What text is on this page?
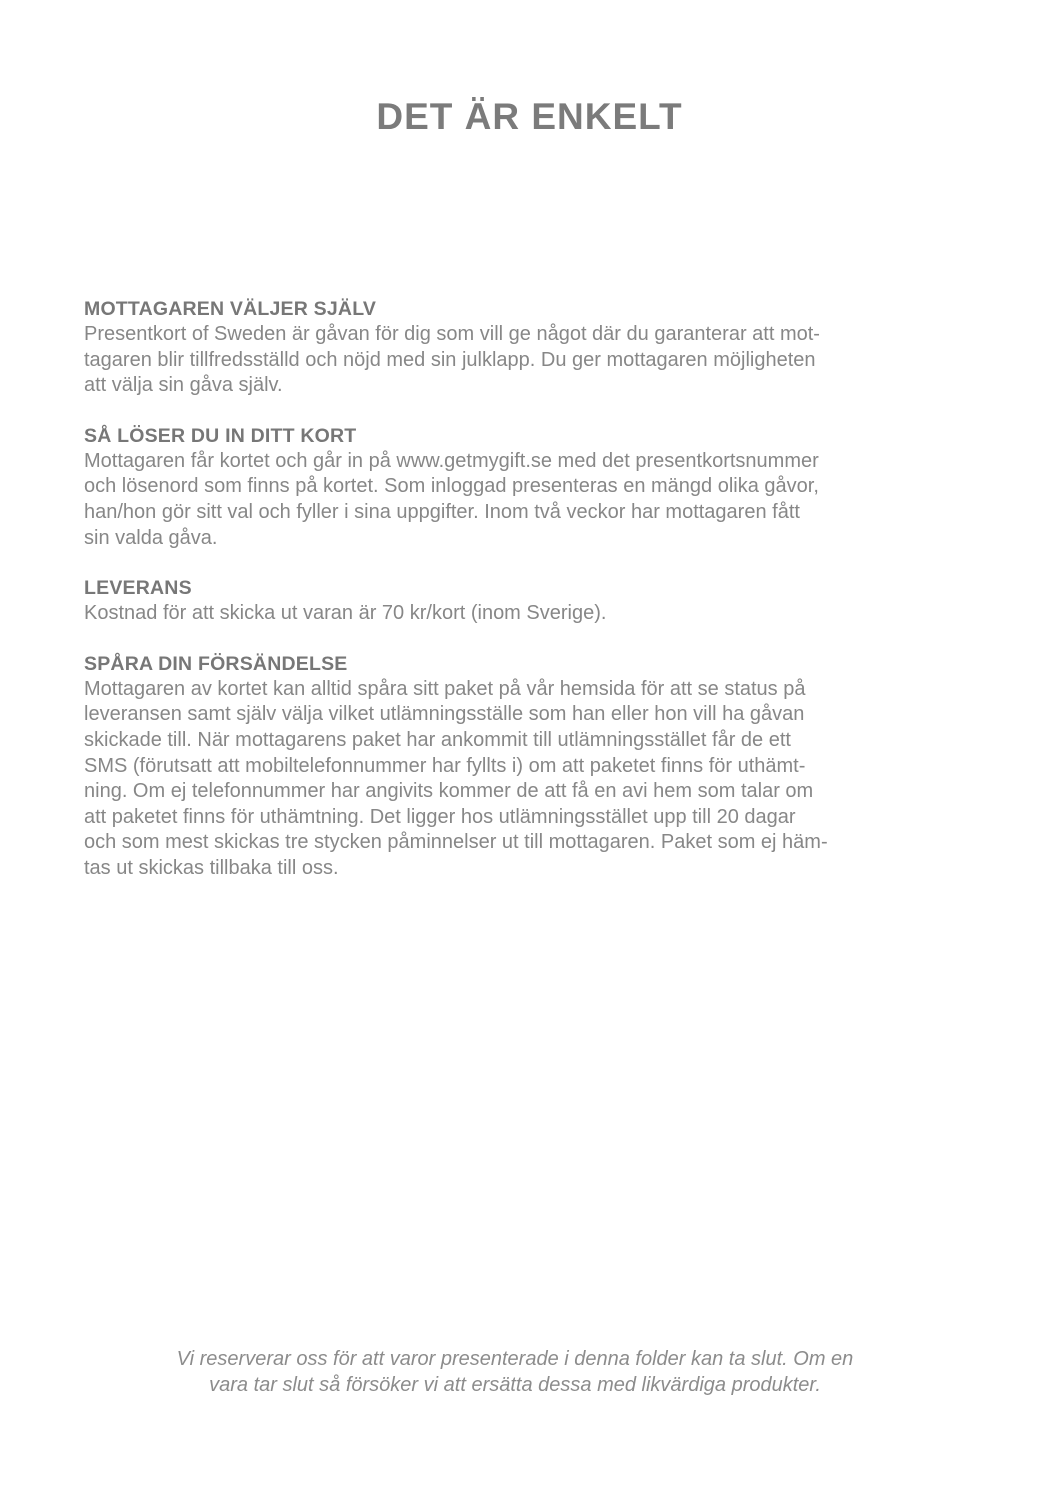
DET ÄR ENKELT
MOTTAGAREN VÄLJER SJÄLV

Presentkort of Sweden är gåvan för dig som vill ge något där du garanterar att mot-
tagaren blir tillfredsställd och nöjd med sin julklapp. Du ger mottagaren möjligheten
att välja sin gåva själv.

SÅ LÖSER DU IN DITT KORT

Mottagaren får kortet och går in på www.getmygift.se med det presentkortsnummer
och lösenord som finns på kortet. Som inloggad presenteras en mängd olika gåvor,
han/hon gör sitt val och fyller i sina uppgifter. Inom två veckor har mottagaren fått
sin valda gåva.

LEVERANS

Kostnad för att skicka ut varan är 70 kr/kort (inom Sverige).

SPÅRA DIN FÖRSÄNDELSE

Mottagaren av kortet kan alltid spåra sitt paket på vår hemsida för att se status på
leveransen samt själv välja vilket utlämningsställe som han eller hon vill ha gåvan
skickade till. När mottagarens paket har ankommit till utlämningsstället får de ett
SMS (förutsatt att mobiltelefonnummer har fyllts i) om att paketet finns för uthämt-
ning. Om ej telefonnummer har angivits kommer de att få en avi hem som talar om
att paketet finns för uthämtning. Det ligger hos utlämningsstället upp till 20 dagar
och som mest skickas tre stycken påminnelser ut till mottagaren. Paket som ej häm-
tas ut skickas tillbaka till oss.

Vi reserverar oss för att varor presenterade i denna folder kan ta slut. Om en
vara tar slut så försöker vi att ersätta dessa med likvärdiga produkter.
